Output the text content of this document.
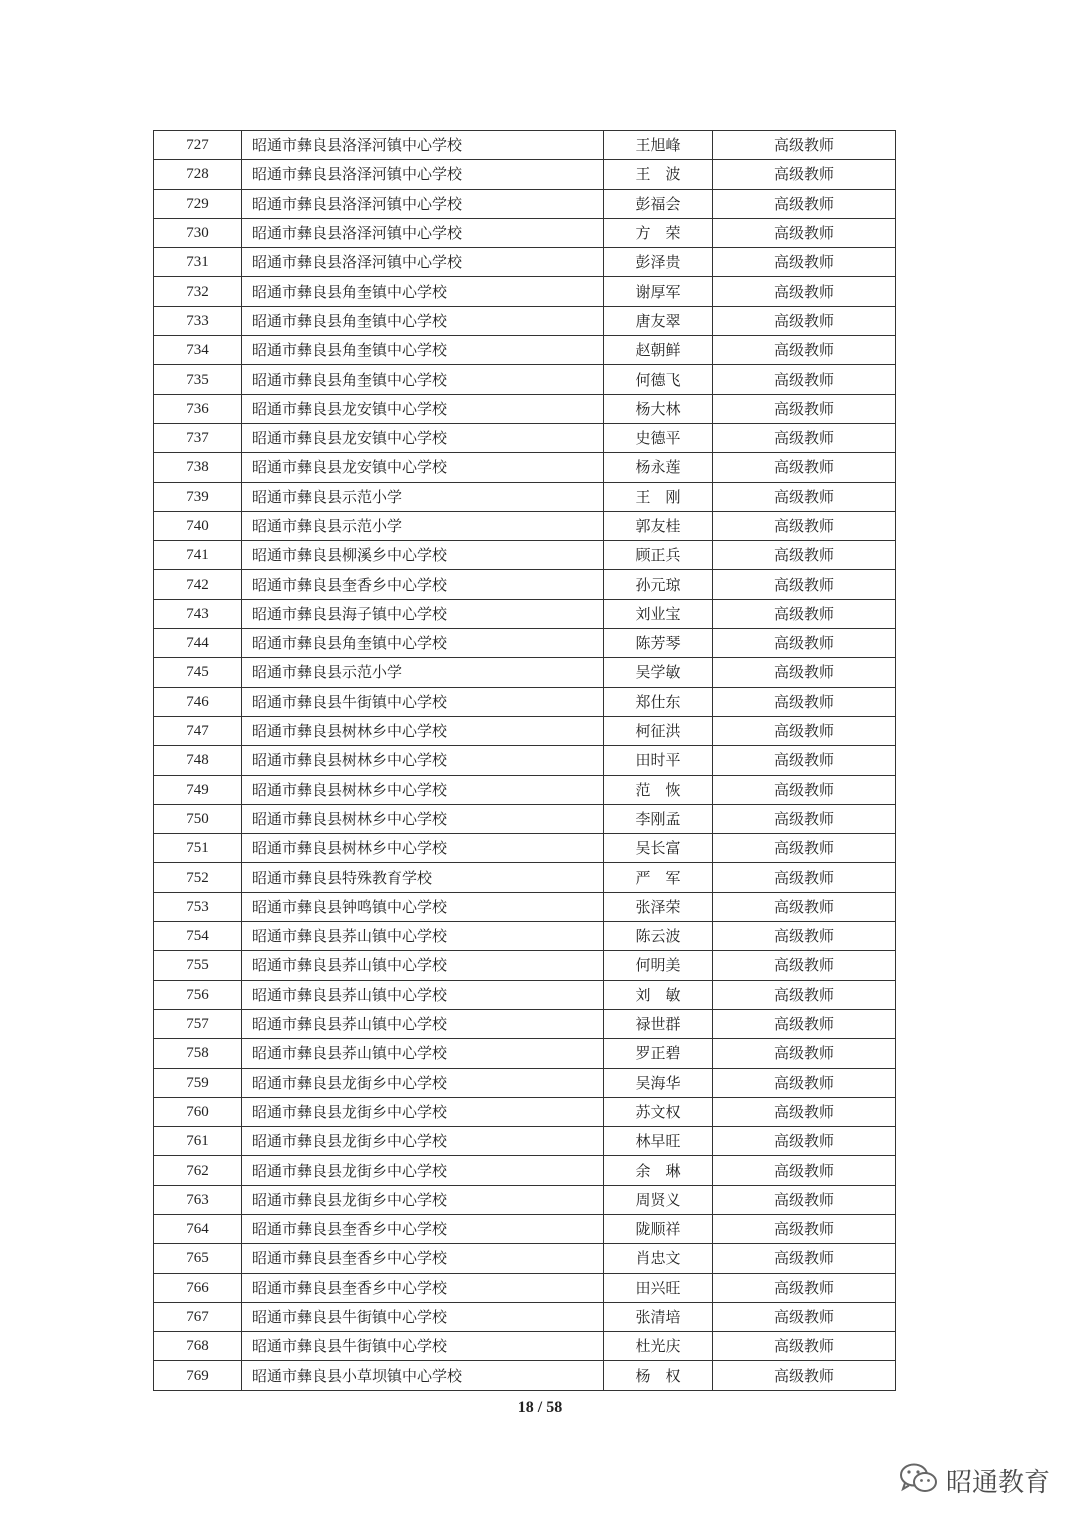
727	昭通市彝良县洛泽河镇中心学校	王旭峰	高级教师
728	昭通市彝良县洛泽河镇中心学校	王　波	高级教师
729	昭通市彝良县洛泽河镇中心学校	彭福会	高级教师
730	昭通市彝良县洛泽河镇中心学校	方　荣	高级教师
731	昭通市彝良县洛泽河镇中心学校	彭泽贵	高级教师
732	昭通市彝良县角奎镇中心学校	谢厚军	高级教师
733	昭通市彝良县角奎镇中心学校	唐友翠	高级教师
734	昭通市彝良县角奎镇中心学校	赵朝鲜	高级教师
735	昭通市彝良县角奎镇中心学校	何德飞	高级教师
736	昭通市彝良县龙安镇中心学校	杨大林	高级教师
737	昭通市彝良县龙安镇中心学校	史德平	高级教师
738	昭通市彝良县龙安镇中心学校	杨永莲	高级教师
739	昭通市彝良县示范小学	王　刚	高级教师
740	昭通市彝良县示范小学	郭友桂	高级教师
741	昭通市彝良县柳溪乡中心学校	顾正兵	高级教师
742	昭通市彝良县奎香乡中心学校	孙元琼	高级教师
743	昭通市彝良县海子镇中心学校	刘业宝	高级教师
744	昭通市彝良县角奎镇中心学校	陈芳琴	高级教师
745	昭通市彝良县示范小学	吴学敏	高级教师
746	昭通市彝良县牛街镇中心学校	郑仕东	高级教师
747	昭通市彝良县树林乡中心学校	柯征洪	高级教师
748	昭通市彝良县树林乡中心学校	田时平	高级教师
749	昭通市彝良县树林乡中心学校	范　恢	高级教师
750	昭通市彝良县树林乡中心学校	李刚孟	高级教师
751	昭通市彝良县树林乡中心学校	吴长富	高级教师
752	昭通市彝良县特殊教育学校	严　军	高级教师
753	昭通市彝良县钟鸣镇中心学校	张泽荣	高级教师
754	昭通市彝良县荞山镇中心学校	陈云波	高级教师
755	昭通市彝良县荞山镇中心学校	何明美	高级教师
756	昭通市彝良县荞山镇中心学校	刘　敏	高级教师
757	昭通市彝良县荞山镇中心学校	禄世群	高级教师
758	昭通市彝良县荞山镇中心学校	罗正碧	高级教师
759	昭通市彝良县龙街乡中心学校	吴海华	高级教师
760	昭通市彝良县龙街乡中心学校	苏文权	高级教师
761	昭通市彝良县龙街乡中心学校	林早旺	高级教师
762	昭通市彝良县龙街乡中心学校	余　琳	高级教师
763	昭通市彝良县龙街乡中心学校	周贤义	高级教师
764	昭通市彝良县奎香乡中心学校	陇顺祥	高级教师
765	昭通市彝良县奎香乡中心学校	肖忠文	高级教师
766	昭通市彝良县奎香乡中心学校	田兴旺	高级教师
767	昭通市彝良县牛街镇中心学校	张清培	高级教师
768	昭通市彝良县牛街镇中心学校	杜光庆	高级教师
769	昭通市彝良县小草坝镇中心学校	杨　权	高级教师
18 / 58
昭通教育
